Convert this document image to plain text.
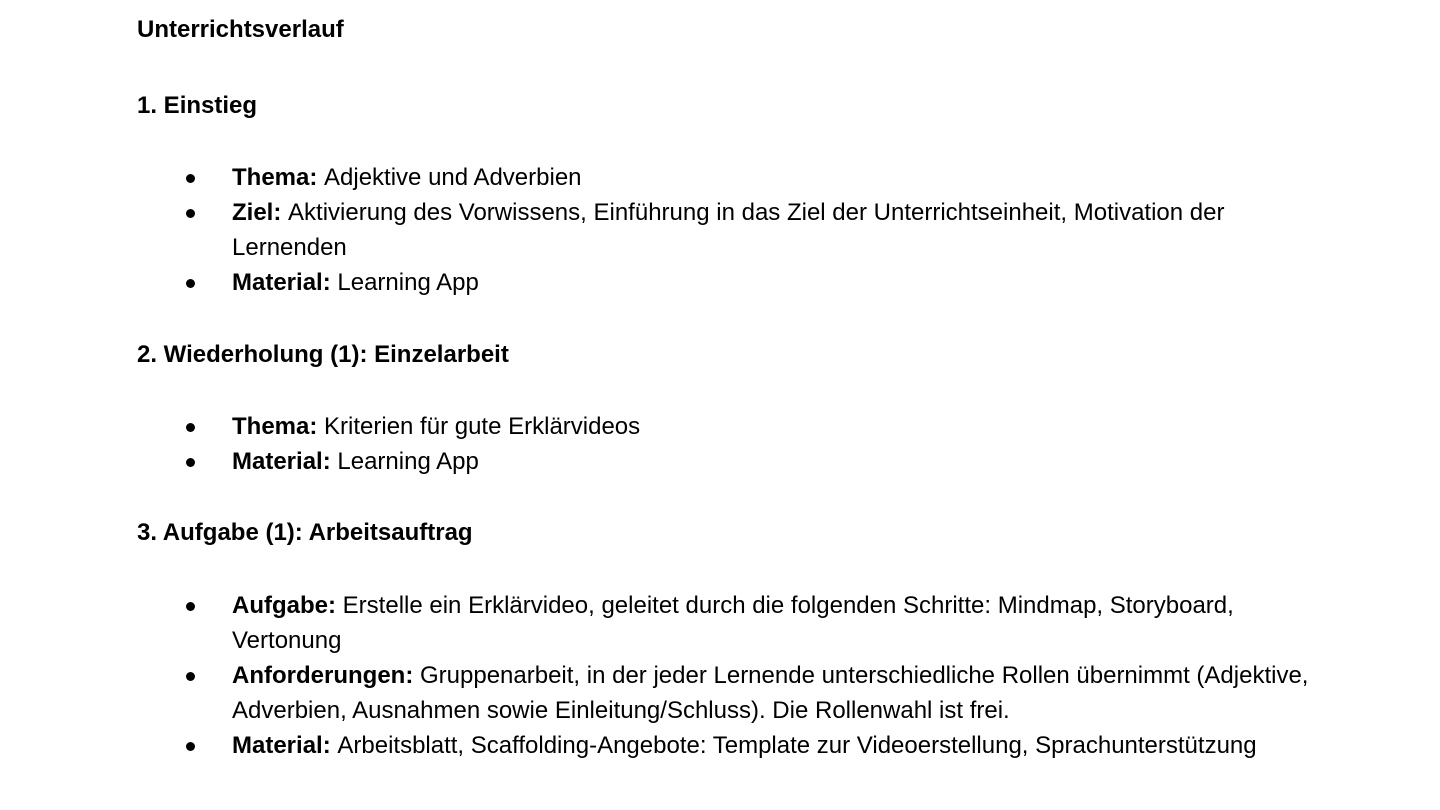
Unterrichtsverlauf
1. Einstieg
Thema: Adjektive und Adverbien
Ziel: Aktivierung des Vorwissens, Einführung in das Ziel der Unterrichtseinheit, Motivation der Lernenden
Material: Learning App
2. Wiederholung (1): Einzelarbeit
Thema: Kriterien für gute Erklärvideos
Material: Learning App
3. Aufgabe (1): Arbeitsauftrag
Aufgabe: Erstelle ein Erklärvideo, geleitet durch die folgenden Schritte: Mindmap, Storyboard, Vertonung
Anforderungen: Gruppenarbeit, in der jeder Lernende unterschiedliche Rollen übernimmt (Adjektive, Adverbien, Ausnahmen sowie Einleitung/Schluss). Die Rollenwahl ist frei.
Material: Arbeitsblatt, Scaffolding-Angebote: Template zur Videoerstellung, Sprachunterstützung
